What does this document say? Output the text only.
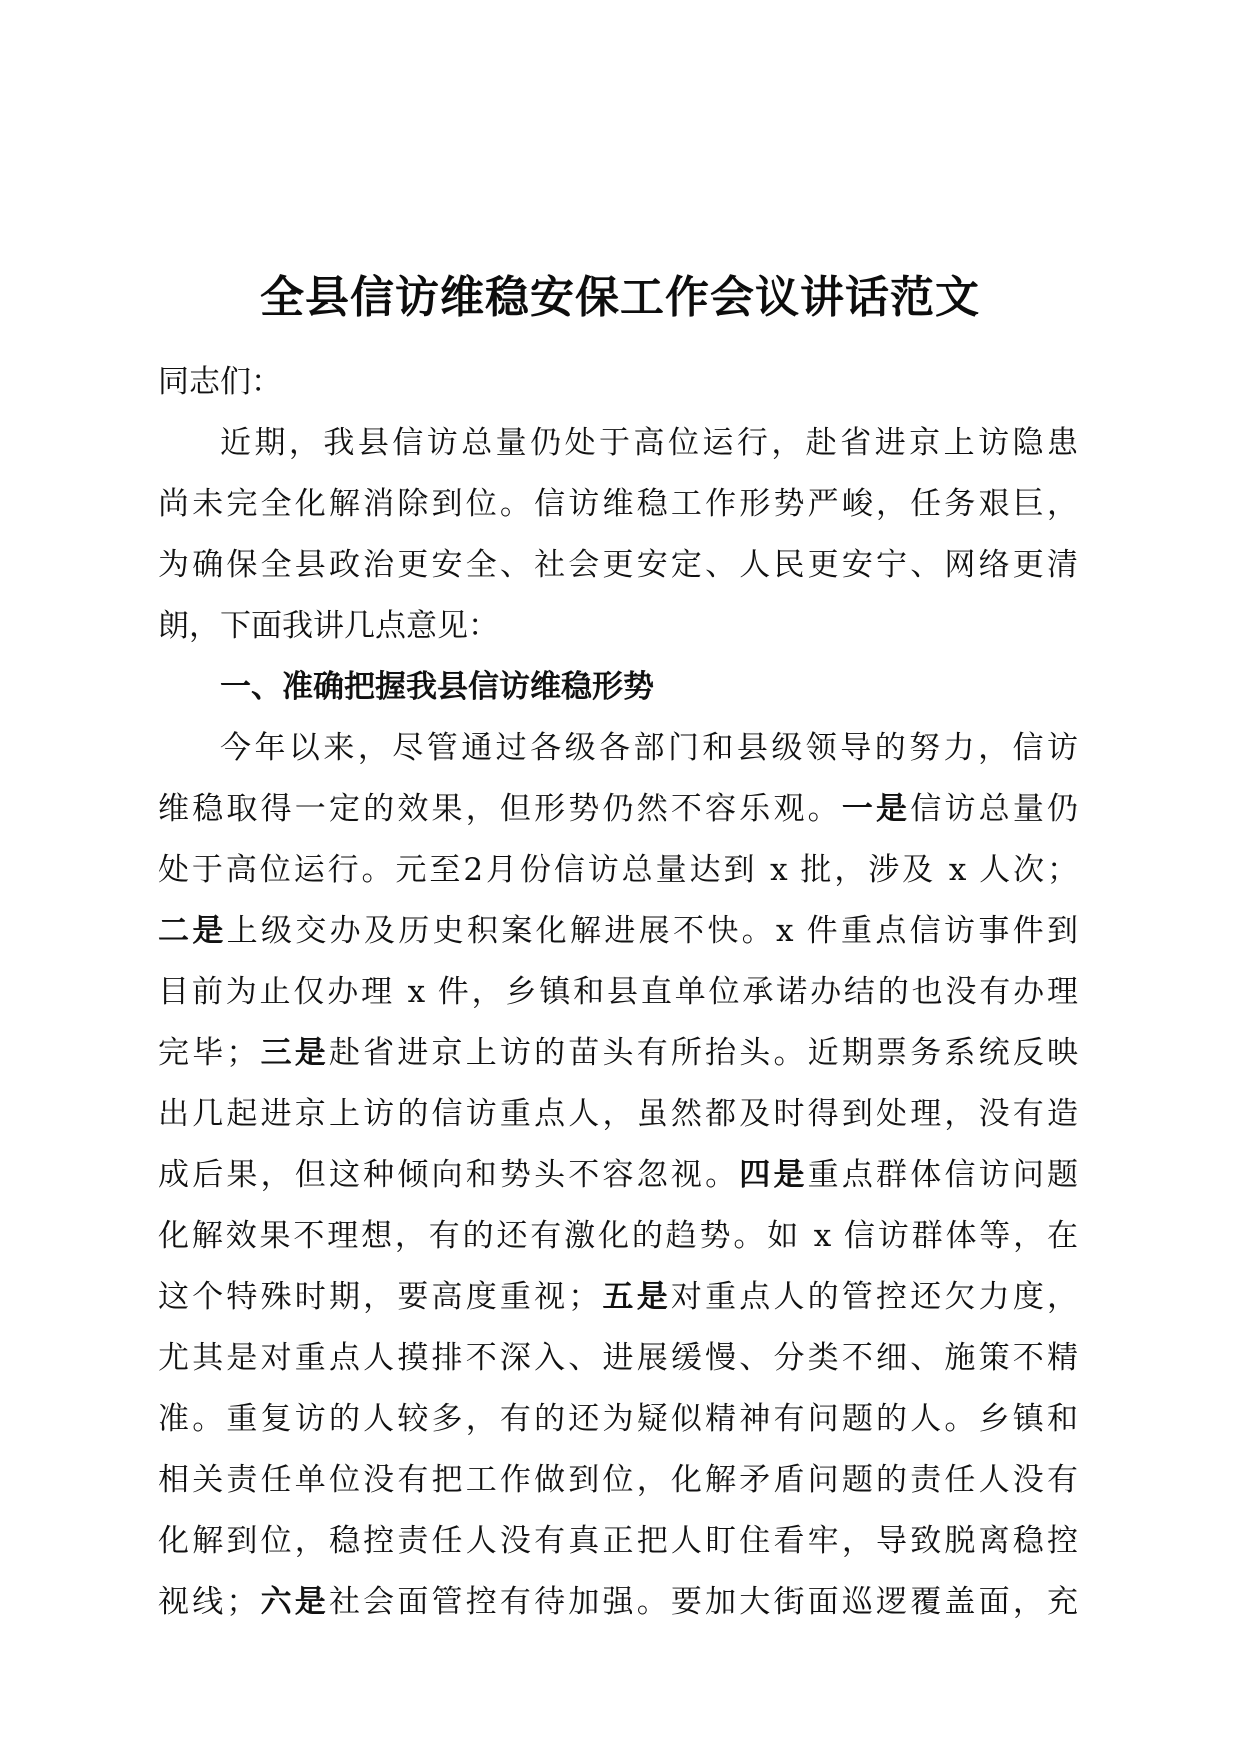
全县信访维稳安保工作会议讲话范文
同志们：
近期，我县信访总量仍处于高位运行，赴省进京上访隐患
尚未完全化解消除到位。信访维稳工作形势严峻，任务艰巨，
为确保全县政治更安全、社会更安定、人民更安宁、网络更清
朗，下面我讲几点意见：
一、准确把握我县信访维稳形势
今年以来，尽管通过各级各部门和县级领导的努力，信访
维稳取得一定的效果，但形势仍然不容乐观。一是信访总量仍
处于高位运行。元至2月份信访总量达到 x 批，涉及 x 人次；
二是上级交办及历史积案化解进展不快。x 件重点信访事件到
目前为止仅办理 x 件，乡镇和县直单位承诺办结的也没有办理
完毕；三是赴省进京上访的苗头有所抬头。近期票务系统反映
出几起进京上访的信访重点人，虽然都及时得到处理，没有造
成后果，但这种倾向和势头不容忽视。四是重点群体信访问题
化解效果不理想，有的还有激化的趋势。如 x 信访群体等，在
这个特殊时期，要高度重视；五是对重点人的管控还欠力度，
尤其是对重点人摸排不深入、进展缓慢、分类不细、施策不精
准。重复访的人较多，有的还为疑似精神有问题的人。乡镇和
相关责任单位没有把工作做到位，化解矛盾问题的责任人没有
化解到位，稳控责任人没有真正把人盯住看牢，导致脱离稳控
视线；六是社会面管控有待加强。要加大街面巡逻覆盖面，充
